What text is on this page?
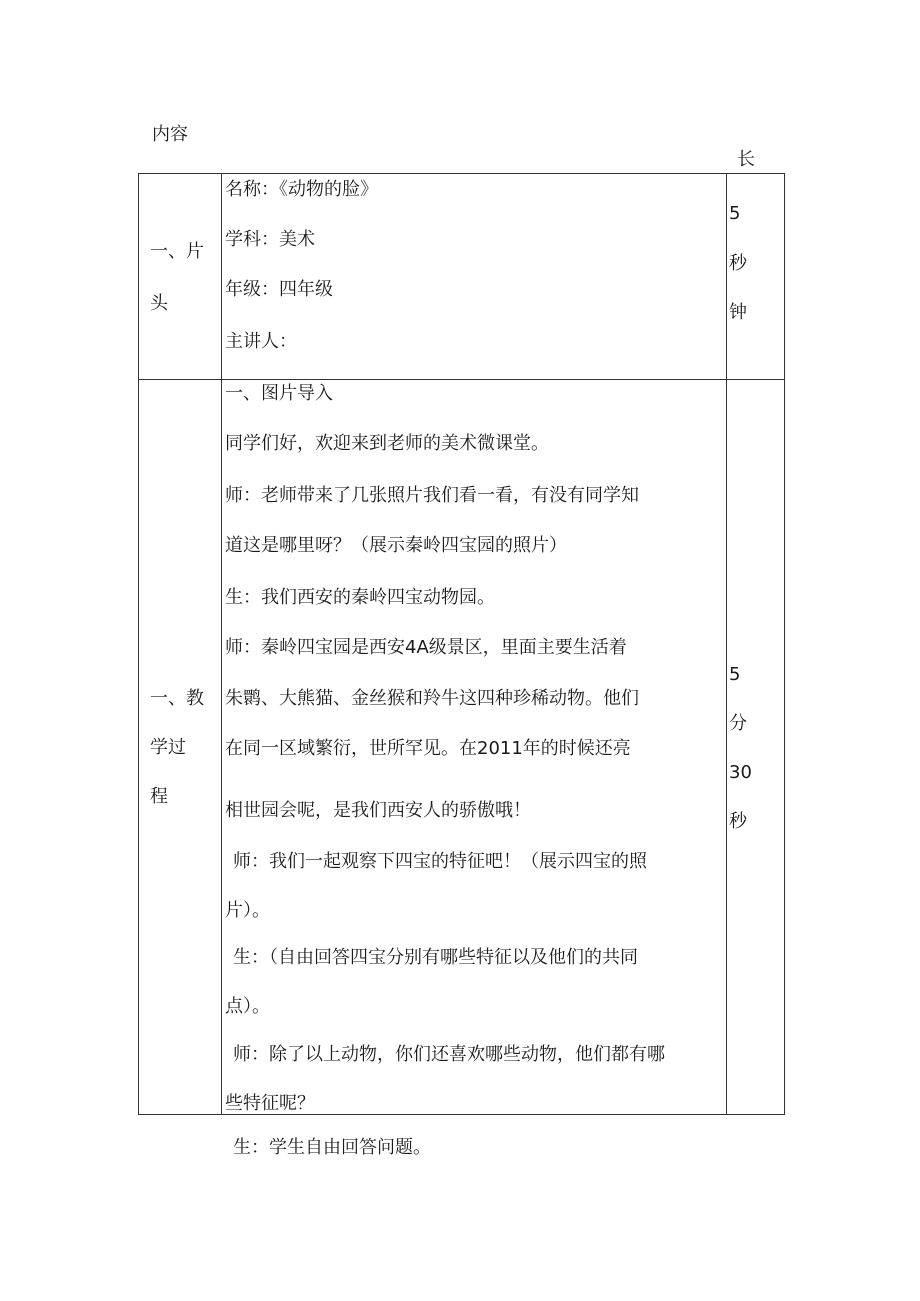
内容
长
一、片
头
名称：《动物的脸》
学科：美术
年级：四年级
主讲人：
5
秒
钟
一、教
学过
程
一、图片导入
同学们好，欢迎来到老师的美术微课堂。
师：老师带来了几张照片我们看一看，有没有同学知
道这是哪里呀？（展示秦岭四宝园的照片）
生：我们西安的秦岭四宝动物园。
师：秦岭四宝园是西安4A级景区，里面主要生活着
朱鹮、大熊猫、金丝猴和羚牛这四种珍稀动物。他们
在同一区域繁衍，世所罕见。在2011年的时候还亮
相世园会呢，是我们西安人的骄傲哦！
师：我们一起观察下四宝的特征吧！（展示四宝的照
片）。
生：（自由回答四宝分别有哪些特征以及他们的共同
点）。
师：除了以上动物，你们还喜欢哪些动物，他们都有哪
些特征呢？
5
分
30
秒
生：学生自由回答问题。
